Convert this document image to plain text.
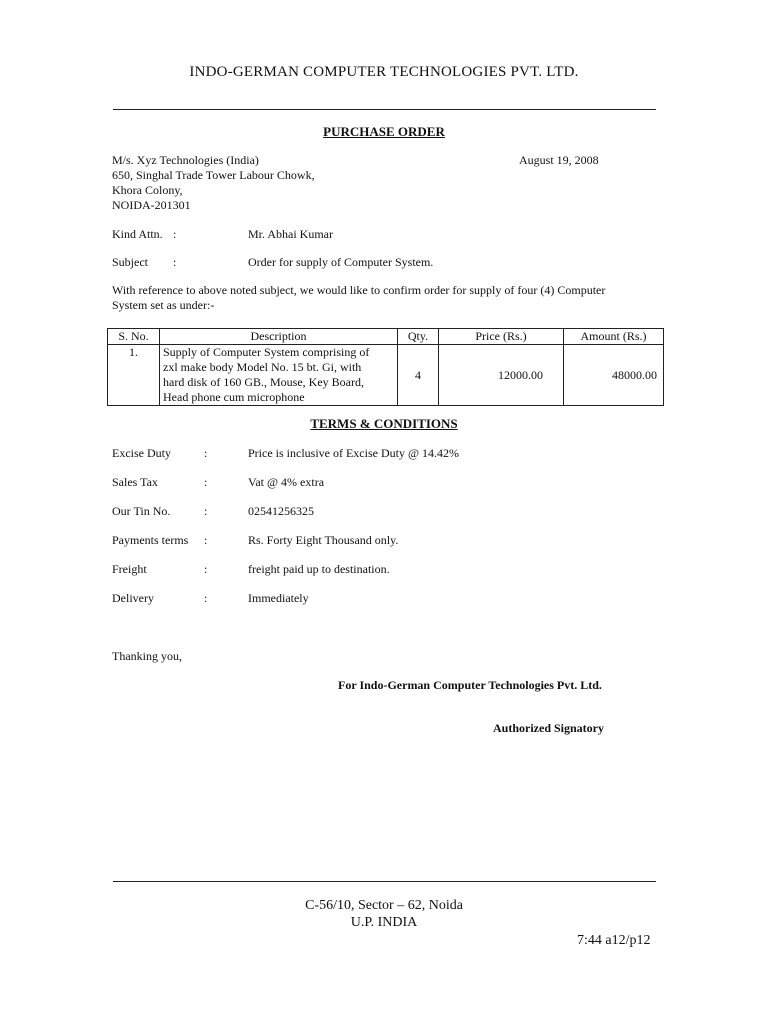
INDO-GERMAN COMPUTER TECHNOLOGIES PVT. LTD.
PURCHASE ORDER
M/s. Xyz Technologies (India)
650, Singhal Trade Tower Labour Chowk,
Khora Colony,
NOIDA-201301
August 19, 2008
Kind Attn. :	Mr. Abhai Kumar
Subject :	Order for supply of Computer System.
With reference to above noted subject, we would like to confirm order for supply of four (4) Computer System set as under:-
S. No.	Description	Qty.	Price (Rs.)	Amount (Rs.)
1.	Supply of Computer System comprising of
zxl make body Model No. 15 bt. Gi, with
hard disk of 160 GB., Mouse, Key Board,
Head phone cum microphone	4	12000.00	48000.00
TERMS & CONDITIONS
Excise Duty	:	Price is inclusive of Excise Duty @ 14.42%
Sales Tax	:	Vat @ 4% extra
Our Tin No.	:	02541256325
Payments terms :	Rs. Forty Eight Thousand only.
Freight	:	freight paid up to destination.
Delivery	:	Immediately
Thanking you,
For Indo-German Computer Technologies Pvt. Ltd.
Authorized Signatory
C-56/10, Sector – 62, Noida
U.P. INDIA
7:44 a12/p12
